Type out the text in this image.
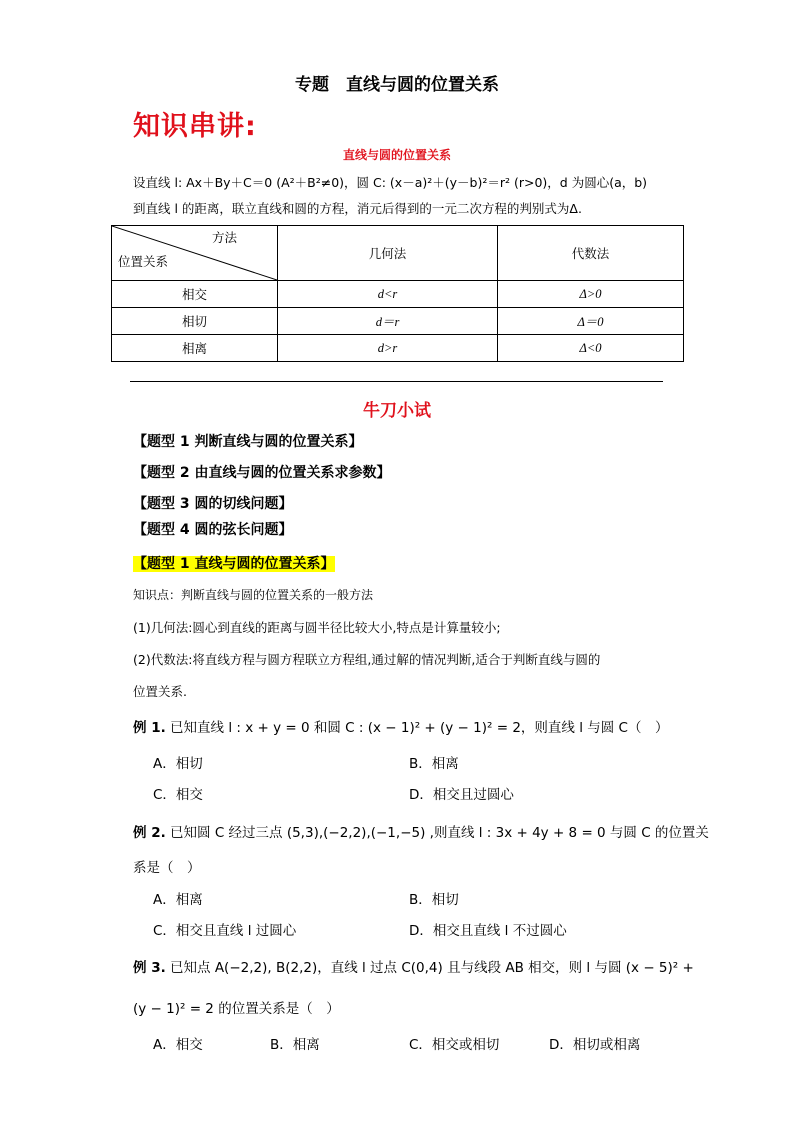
专题　直线与圆的位置关系
知识串讲:
直线与圆的位置关系
设直线 l: Ax＋By＋C＝0 (A²＋B²≠0)，圆 C: (x－a)²＋(y－b)²＝r² (r>0)，d 为圆心(a，b)
到直线 l 的距离，联立直线和圆的方程，消元后得到的一元二次方程的判别式为Δ.
方法
位置关系	几何法	代数法
相交	d<r	Δ>0
相切	d＝r	Δ＝0
相离	d>r	Δ<0
牛刀小试
【题型 1 判断直线与圆的位置关系】
【题型 2 由直线与圆的位置关系求参数】
【题型 3 圆的切线问题】
【题型 4 圆的弦长问题】
【题型 1 直线与圆的位置关系】
知识点：判断直线与圆的位置关系的一般方法
(1)几何法:圆心到直线的距离与圆半径比较大小,特点是计算量较小;
(2)代数法:将直线方程与圆方程联立方程组,通过解的情况判断,适合于判断直线与圆的
位置关系.
例 1. 已知直线 l : x + y = 0 和圆 C : (x − 1)² + (y − 1)² = 2，则直线 l 与圆 C（　）
A．相切	B．相离
C．相交	D．相交且过圆心
例 2. 已知圆 C 经过三点 (5,3),(−2,2),(−1,−5) ,则直线 l : 3x + 4y + 8 = 0 与圆 C 的位置关
系是（　）
A．相离	B．相切
C．相交且直线 l 过圆心	D．相交且直线 l 不过圆心
例 3. 已知点 A(−2,2), B(2,2)，直线 l 过点 C(0,4) 且与线段 AB 相交，则 l 与圆 (x − 5)² +
(y − 1)² = 2 的位置关系是（　）
A．相交	B．相离	C．相交或相切	D．相切或相离
